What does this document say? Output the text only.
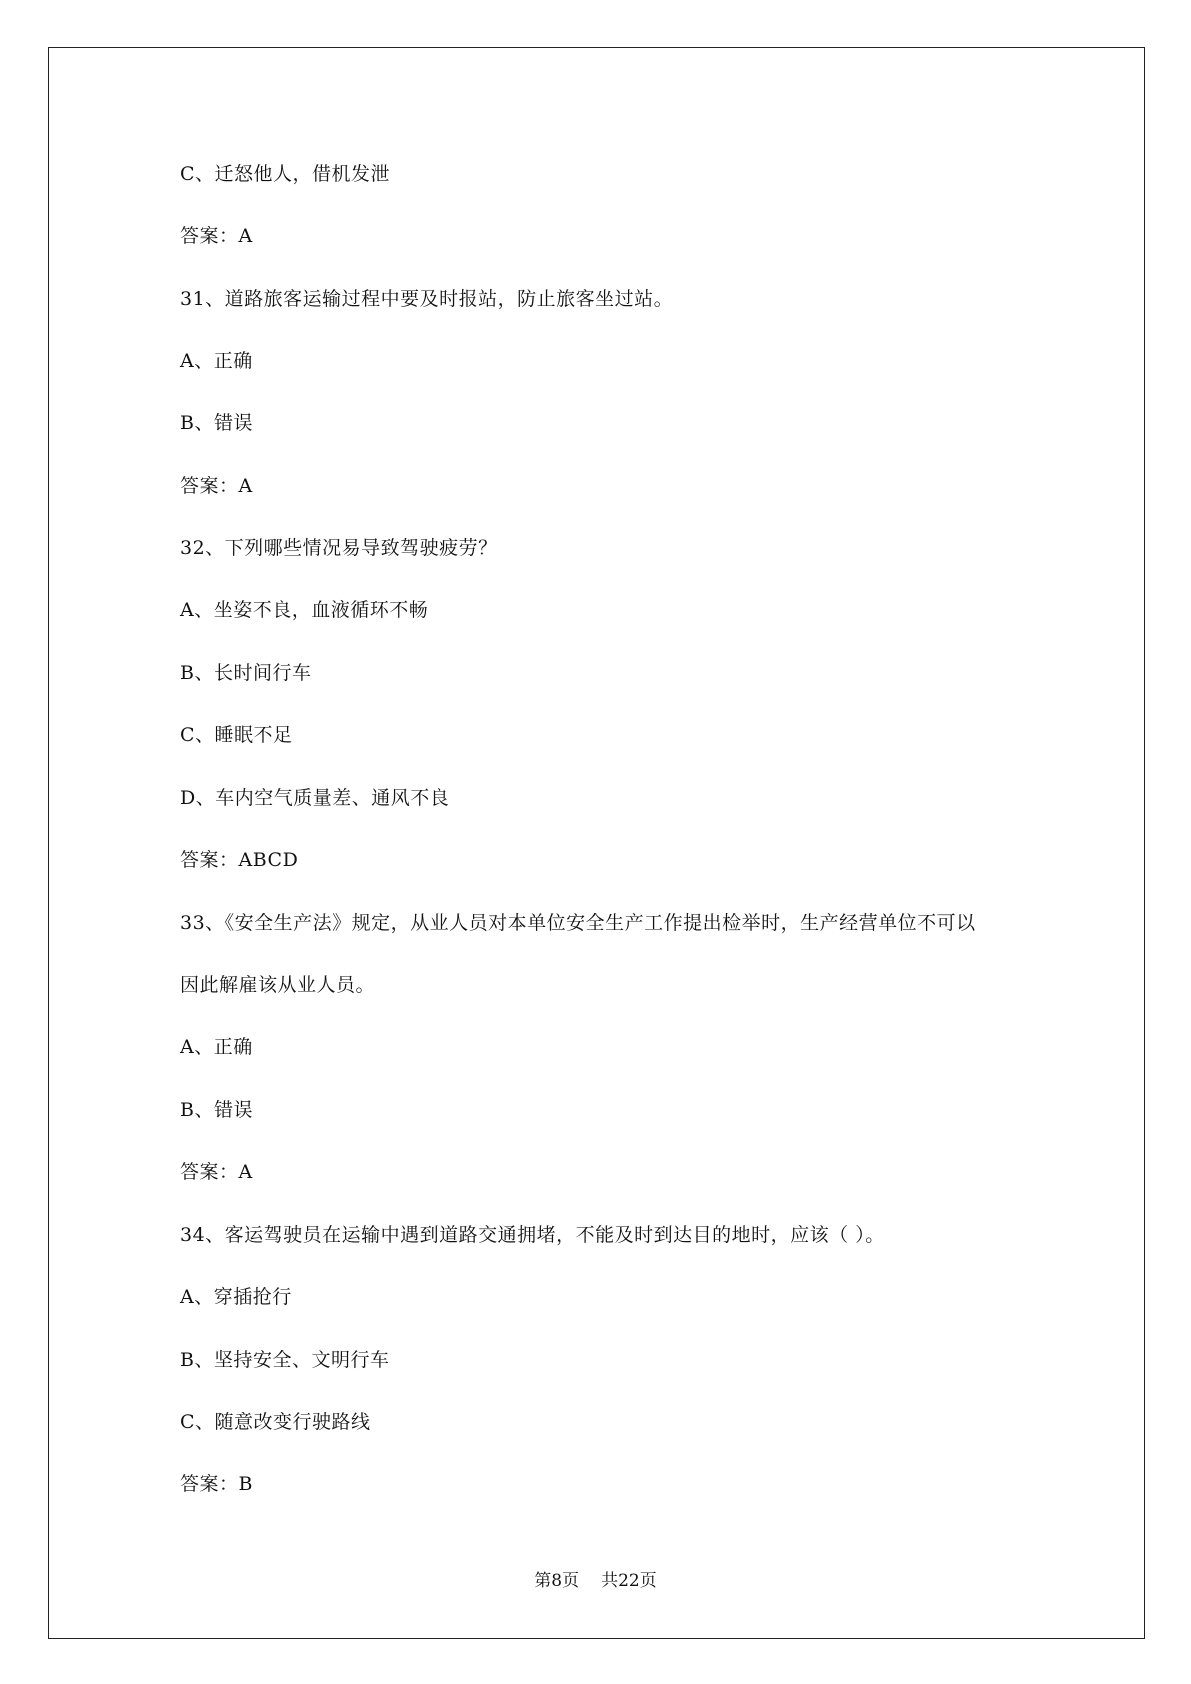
C、迁怒他人，借机发泄
答案：A
31、道路旅客运输过程中要及时报站，防止旅客坐过站。
A、正确
B、错误
答案：A
32、下列哪些情况易导致驾驶疲劳？
A、坐姿不良，血液循环不畅
B、长时间行车
C、睡眠不足
D、车内空气质量差、通风不良
答案：ABCD
33、《安全生产法》规定，从业人员对本单位安全生产工作提出检举时，生产经营单位不可以
因此解雇该从业人员。
A、正确
B、错误
答案：A
34、客运驾驶员在运输中遇到道路交通拥堵，不能及时到达目的地时，应该（ ）。
A、穿插抢行
B、坚持安全、文明行车
C、随意改变行驶路线
答案：B
第8页 共22页
